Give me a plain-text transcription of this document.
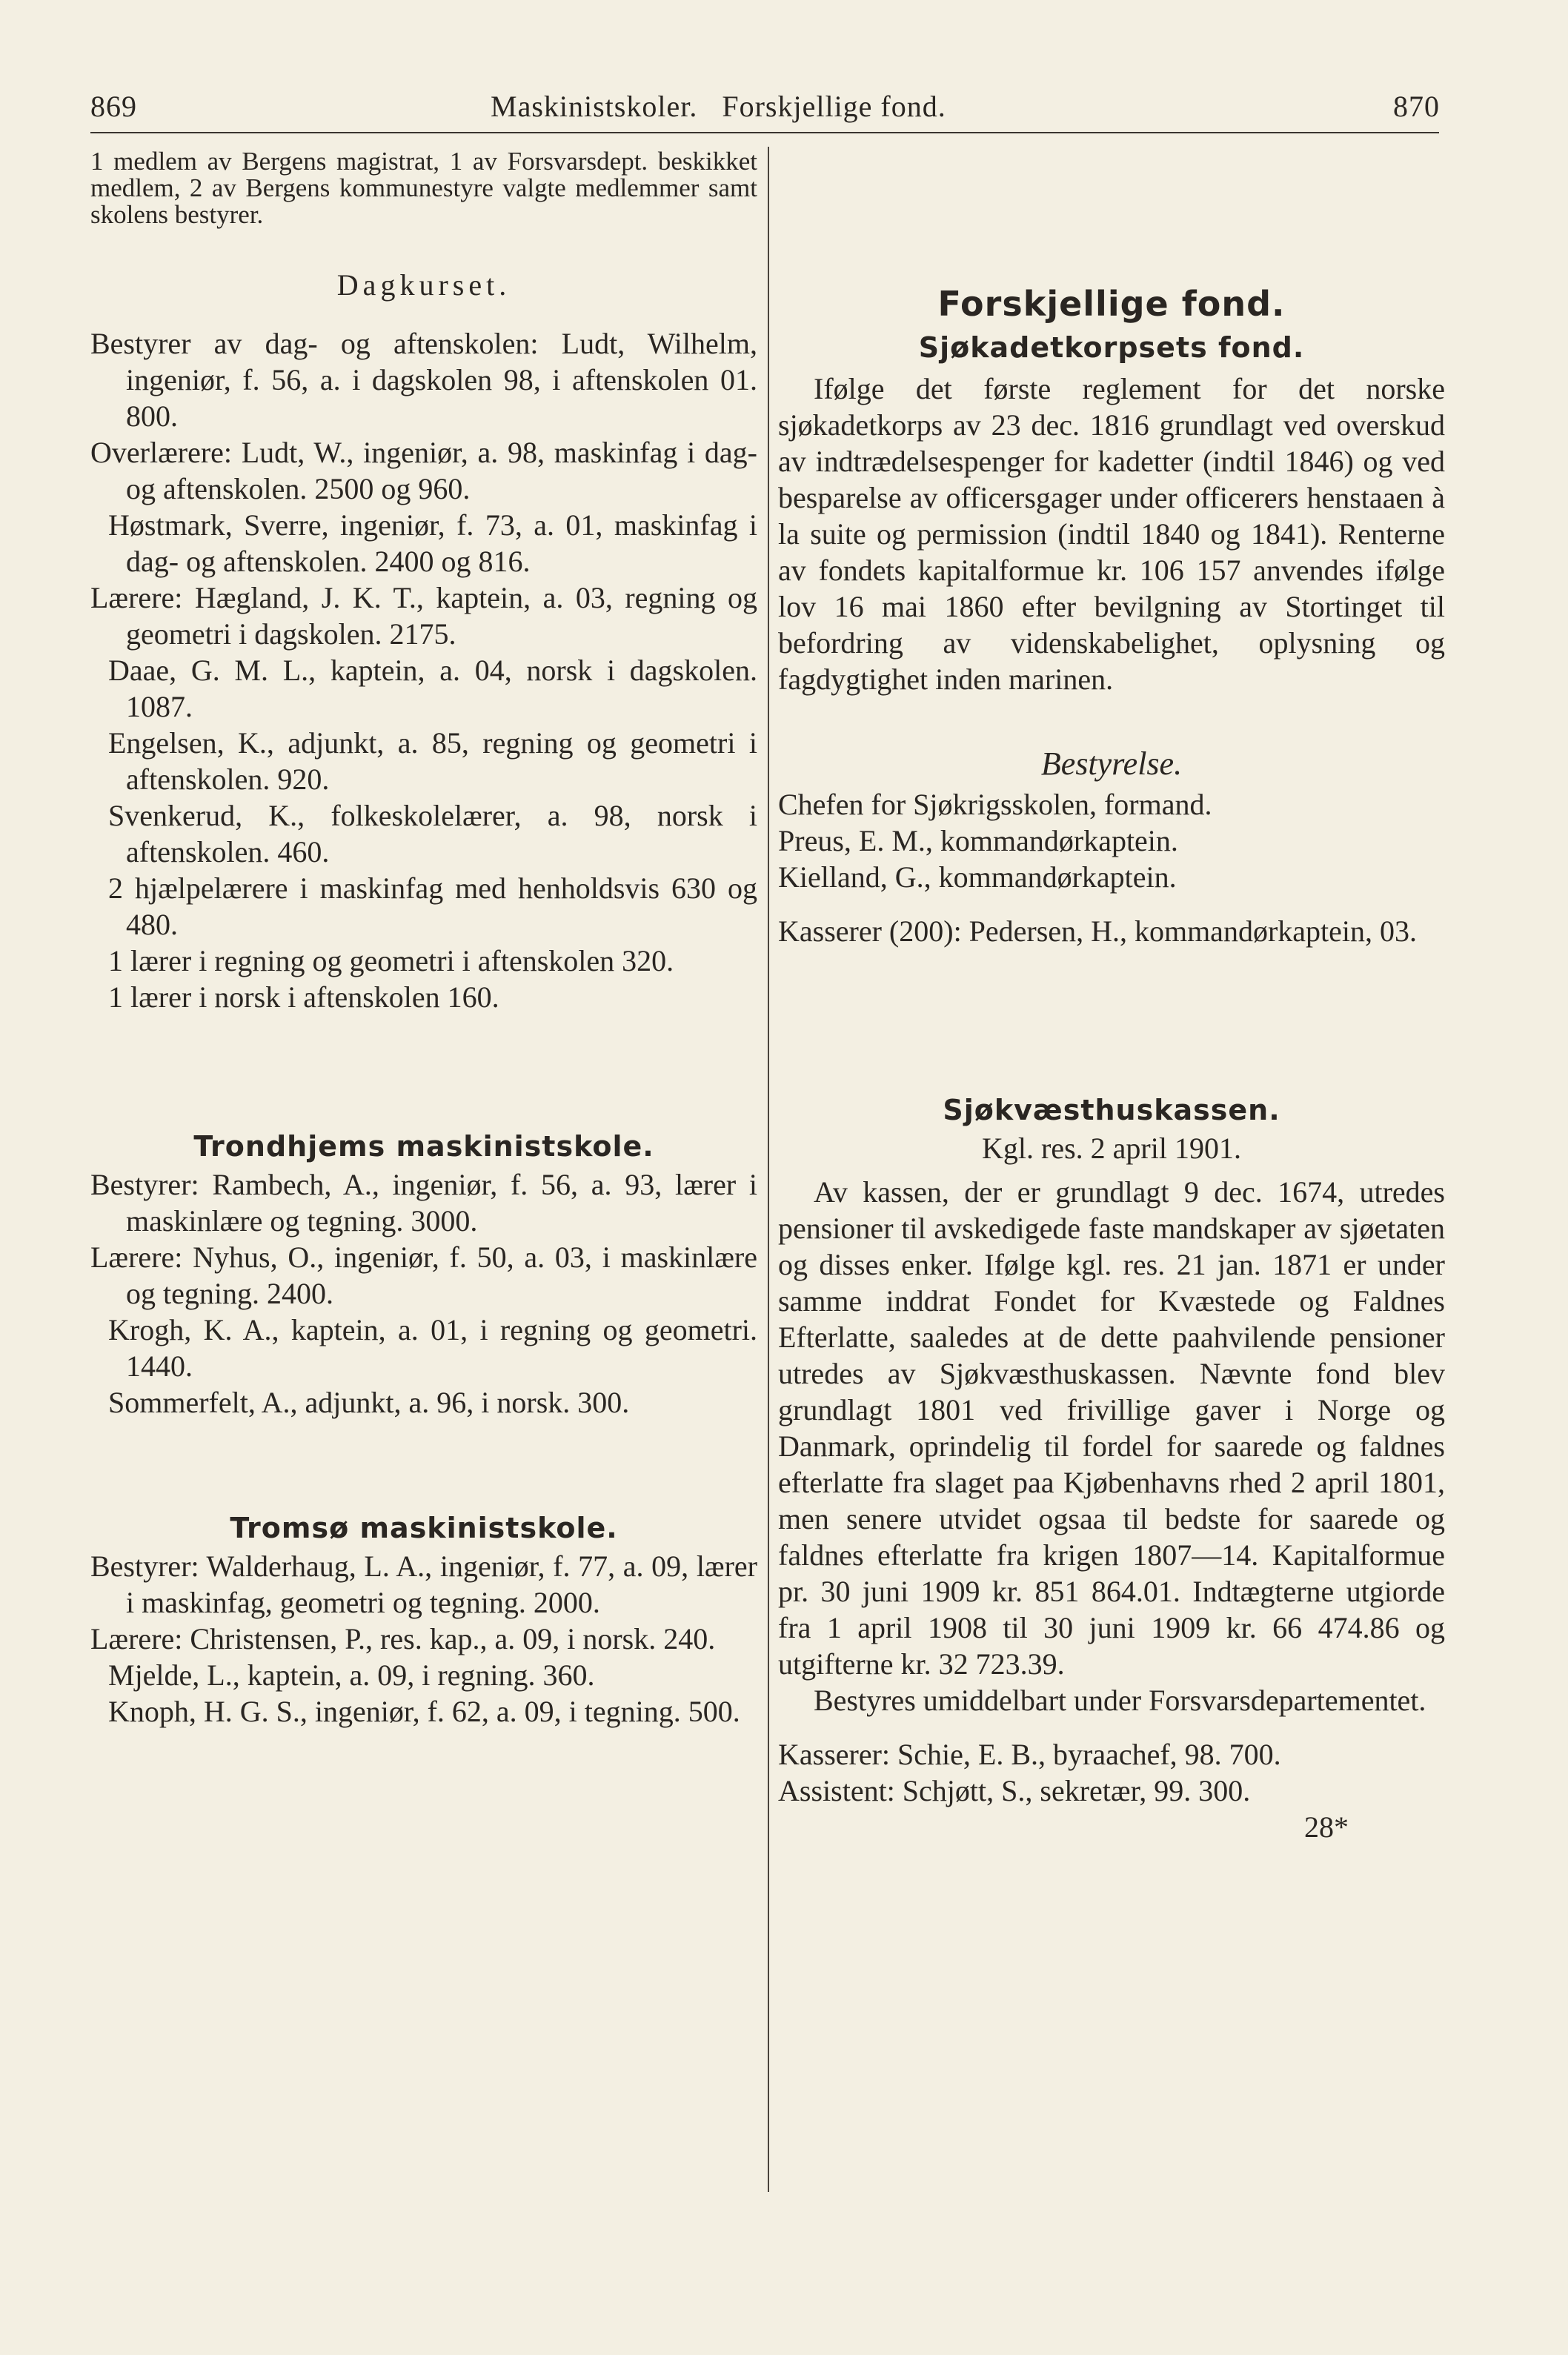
869	Maskinistskoler.   Forskjellige fond.	870

1 medlem av Bergens magistrat, 1 av Forsvarsdept. beskikket medlem, 2 av Bergens kommunestyre valgte medlemmer samt skolens bestyrer.

Dagkurset.

Bestyrer av dag- og aftenskolen: Ludt, Wilhelm, ingeniør, f. 56, a. i dagskolen 98, i aftenskolen 01. 800.

Overlærere: Ludt, W., ingeniør, a. 98, maskinfag i dag- og aftenskolen. 2500 og 960.

Høstmark, Sverre, ingeniør, f. 73, a. 01, maskinfag i dag- og aftenskolen. 2400 og 816.

Lærere: Hægland, J. K. T., kaptein, a. 03, regning og geometri i dagskolen. 2175.

Daae, G. M. L., kaptein, a. 04, norsk i dagskolen. 1087.

Engelsen, K., adjunkt, a. 85, regning og geometri i aftenskolen. 920.

Svenkerud, K., folkeskolelærer, a. 98, norsk i aftenskolen. 460.

2 hjælpelærere i maskinfag med henholdsvis 630 og 480.

1 lærer i regning og geometri i aftenskolen 320.

1 lærer i norsk i aftenskolen 160.

Trondhjems maskinistskole.

Bestyrer: Rambech, A., ingeniør, f. 56, a. 93, lærer i maskinlære og tegning. 3000.

Lærere: Nyhus, O., ingeniør, f. 50, a. 03, i maskinlære og tegning. 2400.

Krogh, K. A., kaptein, a. 01, i regning og geometri. 1440.

Sommerfelt, A., adjunkt, a. 96, i norsk. 300.

Tromsø maskinistskole.

Bestyrer: Walderhaug, L. A., ingeniør, f. 77, a. 09, lærer i maskinfag, geometri og tegning. 2000.

Lærere: Christensen, P., res. kap., a. 09, i norsk. 240.

Mjelde, L., kaptein, a. 09, i regning. 360.

Knoph, H. G. S., ingeniør, f. 62, a. 09, i tegning. 500.

Forskjellige fond.

Sjøkadetkorpsets fond.

Ifølge det første reglement for det norske sjøkadetkorps av 23 dec. 1816 grundlagt ved overskud av indtrædelsespenger for kadetter (indtil 1846) og ved besparelse av officersgager under officerers henstaaen à la suite og permission (indtil 1840 og 1841). Renterne av fondets kapitalformue kr. 106 157 anvendes ifølge lov 16 mai 1860 efter bevilgning av Stortinget til befordring av videnskabelighet, oplysning og fagdygtighet inden marinen.

Bestyrelse.

Chefen for Sjøkrigsskolen, formand.

Preus, E. M., kommandørkaptein.

Kielland, G., kommandørkaptein.

Kasserer (200): Pedersen, H., kommandørkaptein, 03.

Sjøkvæsthuskassen.

Kgl. res. 2 april 1901.

Av kassen, der er grundlagt 9 dec. 1674, utredes pensioner til avskedigede faste mandskaper av sjøetaten og disses enker. Ifølge kgl. res. 21 jan. 1871 er under samme inddrat Fondet for Kvæstede og Faldnes Efterlatte, saaledes at de dette paahvilende pensioner utredes av Sjøkvæsthuskassen. Nævnte fond blev grundlagt 1801 ved frivillige gaver i Norge og Danmark, oprindelig til fordel for saarede og faldnes efterlatte fra slaget paa Kjøbenhavns rhed 2 april 1801, men senere utvidet ogsaa til bedste for saarede og faldnes efterlatte fra krigen 1807—14. Kapitalformue pr. 30 juni 1909 kr. 851 864.01. Indtægterne utgiorde fra 1 april 1908 til 30 juni 1909 kr. 66 474.86 og utgifterne kr. 32 723.39.

Bestyres umiddelbart under Forsvarsdepartementet.

Kasserer: Schie, E. B., byraachef, 98. 700.

Assistent: Schjøtt, S., sekretær, 99. 300.

28*
